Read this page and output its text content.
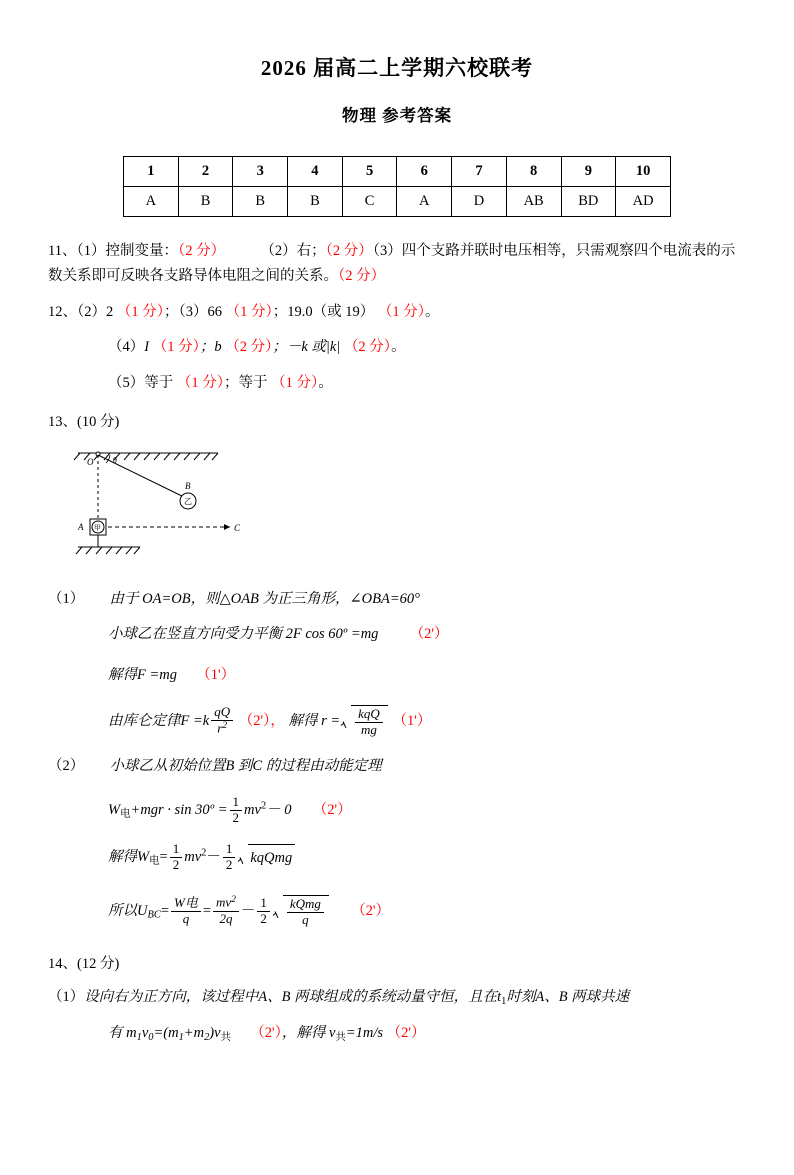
2026 届高二上学期六校联考
物理 参考答案
1	2	3	4	5	6	7	8	9	10
A	B	B	B	C	A	D	AB	BD	AD
11、（1）控制变量：（2 分） （2）右；（2 分）（3）四个支路并联时电压相等，只需观察四个电流表的示数关系即可反映各支路导体电阻之间的关系。（2 分）
12、（2）2 （1 分）；（3）66 （1 分）；19.0（或 19） （1 分）。
（4）I （1 分）；b （2 分）；－k 或|k| （2 分）。
（5）等于 （1 分）；等于 （1 分）。
13、(10 分)
O θ
乙
B
甲
A	C
（1） 由于 OA=OB，则△OAB 为正三角形，∠OBA=60°
小球乙在竖直方向受力平衡 2F cos 60º =mg （2'）
解得F =mg （1'）
由库仑定律$F =k \frac{qQ}{r^2} (2')$， 解得 $r = \frac{\text{kqQ}}{mg} (1')$
（2） 小球乙从初始位置B 到C 的过程由动能定理
$W_电+mgr \cdot \sin$ 30º = $\frac{1}{2} mv^2- 0$ （2'）
解得$W_电= \frac{1}{2} mv^2- \frac{1}{2}$ kqQmg
所以$U_{BC}= \frac{\text{W电}}{q} = \frac{mv^2}{2q} - \frac{1}{2} \frac{\text{kQmg}}{q} (2')$
14、(12 分)
（1）设向右为正方向，该过程中A、B 两球组成的系统动量守恒，且在$t_1$时刻A、B 两球共速
有 $m_1v_0=(m_1+m_2)v_共$ （2'），解得 $v_共=1m/s$ （2'）
